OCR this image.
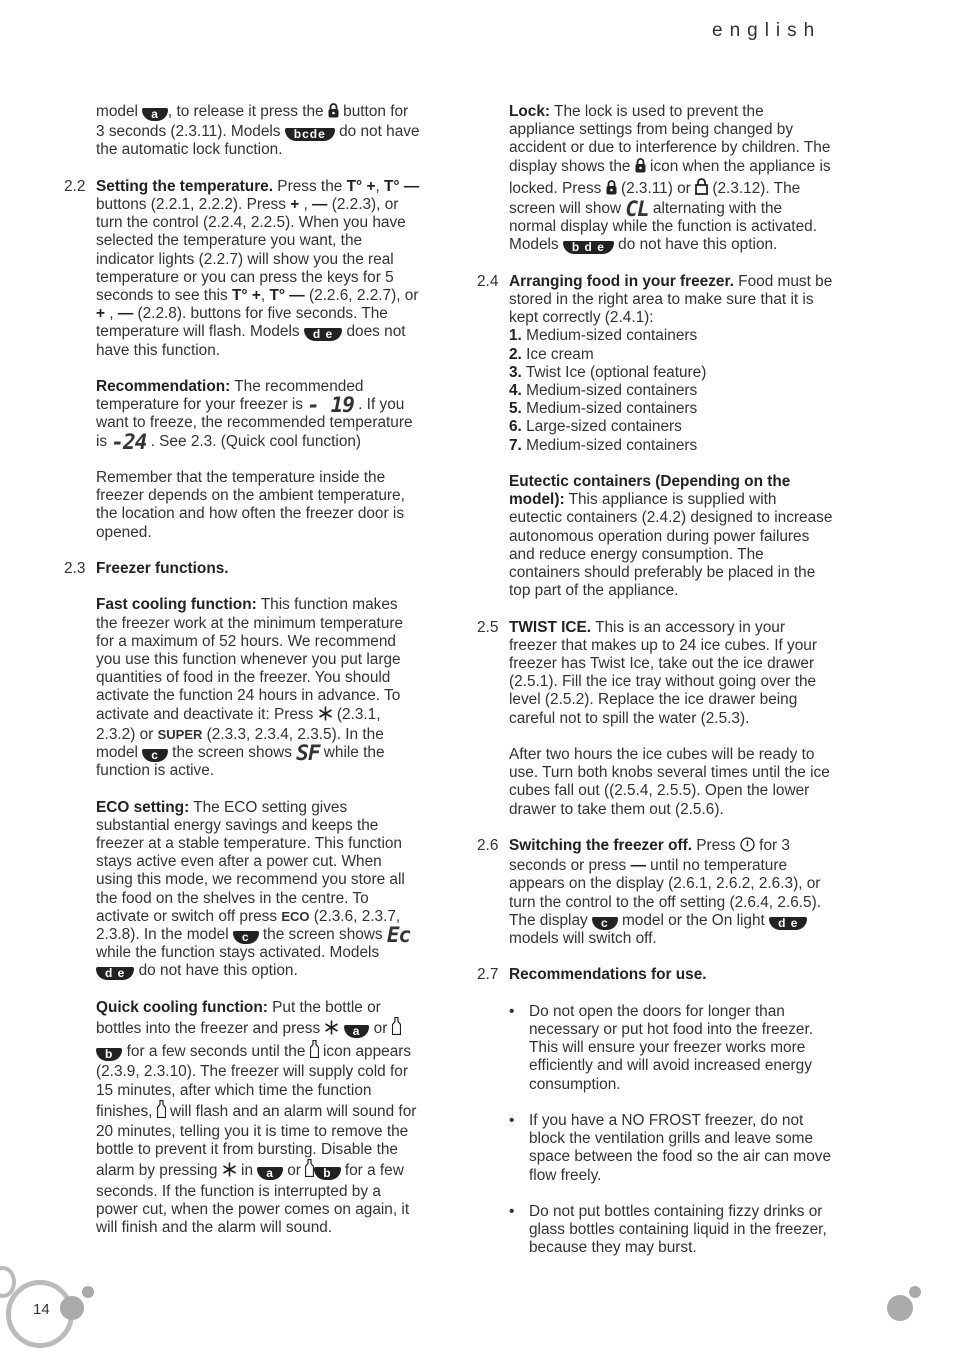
english

model a , to release it press the  button for 3 seconds (2.3.11). Models bcde do not have the automatic lock function.

2.2 Setting the temperature. Press the T° +, T° —buttons (2.2.1, 2.2.2). Press + , — (2.2.3), or turn the control (2.2.4, 2.2.5). When you have selected the temperature you want, the indicator lights (2.2.7) will show you the real temperature or you can press the keys for 5 seconds to see this T° +, T° — (2.2.6, 2.2.7), or + , — (2.2.8). buttons for five seconds. The temperature will flash. Models d e does not have this function.

Recommendation: The recommended temperature for your freezer is - 19 . If you want to freeze, the recommended temperature is -24 . See 2.3. (Quick cool function)

Remember that the temperature inside the freezer depends on the ambient temperature, the location and how often the freezer door is opened.

2.3 Freezer functions.

Fast cooling function: This function makes the freezer work at the minimum temperature for a maximum of 52 hours. We recommend you use this function whenever you put large quantities of food in the freezer. You should activate the function 24 hours in advance. To activate and deactivate it: Press  (2.3.1, 2.3.2) or SUPER (2.3.3, 2.3.4, 2.3.5). In the model c the screen shows SF while the function is active.

ECO setting: The ECO setting gives substantial energy savings and keeps the freezer at a stable temperature. This function stays active even after a power cut. When using this mode, we recommend you store all the food on the shelves in the centre. To activate or switch off press ECO (2.3.6, 2.3.7, 2.3.8). In the model c the screen shows Ec while the function stays activated. Models d e do not have this option.

Quick cooling function: Put the bottle or bottles into the freezer and press  a or b for a few seconds until the  icon appears (2.3.9, 2.3.10). The freezer will supply cold for 15 minutes, after which time the function finishes,  will flash and an alarm will sound for 20 minutes, telling you it is time to remove the bottle to prevent it from bursting. Disable the alarm by pressing  in a or b for a few seconds. If the function is interrupted by a power cut, when the power comes on again, it will finish and the alarm will sound.

Lock: The lock is used to prevent the appliance settings from being changed by accident or due to interference by children. The display shows the  icon when the appliance is locked. Press  (2.3.11) or  (2.3.12). The screen will show CL alternating with the normal display while the function is activated. Models b d e do not have this option.

2.4 Arranging food in your freezer. Food must be stored in the right area to make sure that it is kept correctly (2.4.1):
1. Medium-sized containers
2. Ice cream
3. Twist Ice (optional feature)
4. Medium-sized containers
5. Medium-sized containers
6. Large-sized containers
7. Medium-sized containers

Eutectic containers (Depending on the model): This appliance is supplied with eutectic containers (2.4.2) designed to increase autonomous operation during power failures and reduce energy consumption. The containers should preferably be placed in the top part of the appliance.

2.5 TWIST ICE. This is an accessory in your freezer that makes up to 24 ice cubes. If your freezer has Twist Ice, take out the ice drawer (2.5.1). Fill the ice tray without going over the level (2.5.2). Replace the ice drawer being careful not to spill the water (2.5.3).

After two hours the ice cubes will be ready to use. Turn both knobs several times until the ice cubes fall out ((2.5.4, 2.5.5). Open the lower drawer to take them out (2.5.6).

2.6 Switching the freezer off. Press  for 3 seconds or press — until no temperature appears on the display (2.6.1, 2.6.2, 2.6.3), or turn the control to the off setting (2.6.4, 2.6.5). The display c model or the On light d e models will switch off.

2.7 Recommendations for use.

• Do not open the doors for longer than necessary or put hot food into the freezer. This will ensure your freezer works more efficiently and will avoid increased energy consumption.
• If you have a NO FROST freezer, do not block the ventilation grills and leave some space between the food so the air can move flow freely.
• Do not put bottles containing fizzy drinks or glass bottles containing liquid in the freezer, because they may burst.
14
